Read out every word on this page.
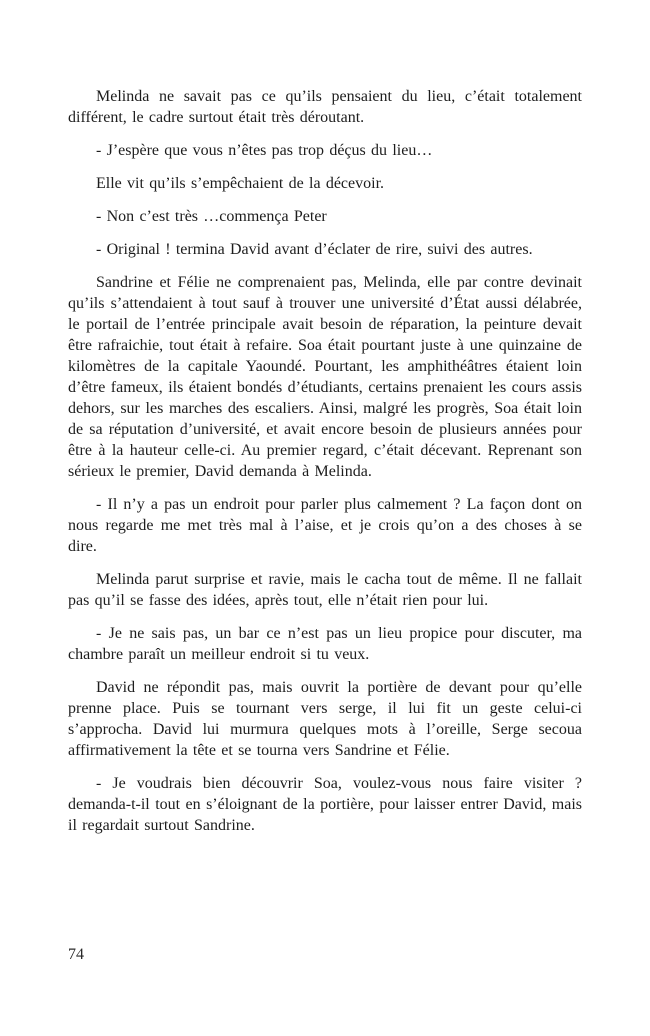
Melinda ne savait pas ce qu’ils pensaient du lieu, c’était totalement différent, le cadre surtout était très déroutant.

- J’espère que vous n’êtes pas trop déçus du lieu…

Elle vit qu’ils s’empêchaient de la décevoir.

- Non c’est très …commença Peter

- Original ! termina David avant d’éclater de rire, suivi des autres.

Sandrine et Félie ne comprenaient pas, Melinda, elle par contre devinait qu’ils s’attendaient à tout sauf à trouver une université d’État aussi délabrée, le portail de l’entrée principale avait besoin de réparation, la peinture devait être rafraichie, tout était à refaire. Soa était pourtant juste à une quinzaine de kilomètres de la capitale Yaoundé. Pourtant, les amphithéâtres étaient loin d’être fameux, ils étaient bondés d’étudiants, certains prenaient les cours assis dehors, sur les marches des escaliers. Ainsi, malgré les progrès, Soa était loin de sa réputation d’université, et avait encore besoin de plusieurs années pour être à la hauteur celle-ci. Au premier regard, c’était décevant. Reprenant son sérieux le premier, David demanda à Melinda.

- Il n’y a pas un endroit pour parler plus calmement ? La façon dont on nous regarde me met très mal à l’aise, et je crois qu’on a des choses à se dire.

Melinda parut surprise et ravie, mais le cacha tout de même. Il ne fallait pas qu’il se fasse des idées, après tout, elle n’était rien pour lui.

- Je ne sais pas, un bar ce n’est pas un lieu propice pour discuter, ma chambre paraît un meilleur endroit si tu veux.

David ne répondit pas, mais ouvrit la portière de devant pour qu’elle prenne place. Puis se tournant vers serge, il lui fit un geste celui-ci s’approcha. David lui murmura quelques mots à l’oreille, Serge secoua affirmativement la tête et se tourna vers Sandrine et Félie.

- Je voudrais bien découvrir Soa, voulez-vous nous faire visiter ? demanda-t-il tout en s’éloignant de la portière, pour laisser entrer David, mais il regardait surtout Sandrine.

74
